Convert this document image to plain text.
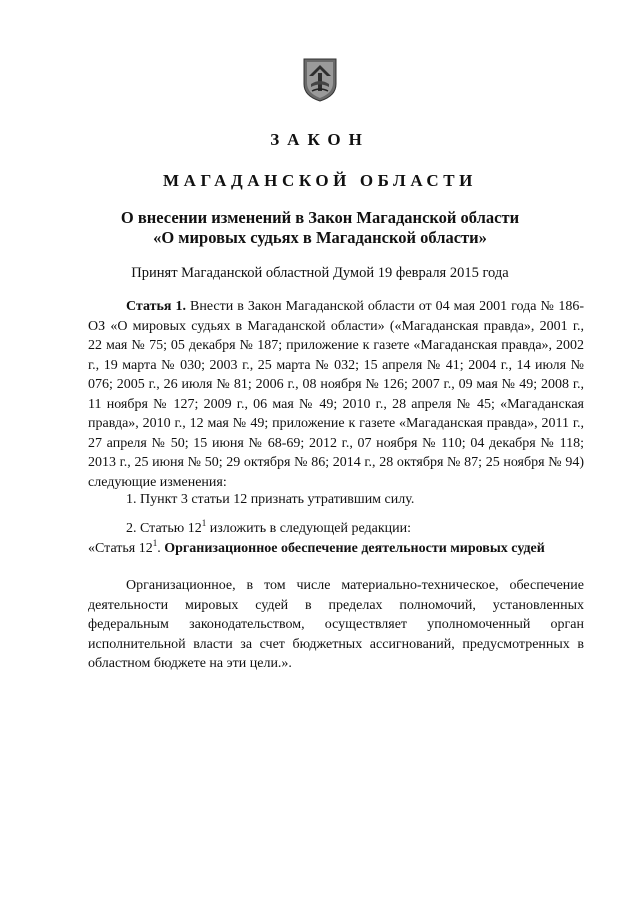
ЗАКОН
МАГАДАНСКОЙ ОБЛАСТИ
О внесении изменений в Закон Магаданской области
«О мировых судьях в Магаданской области»
Принят Магаданской областной Думой 19 февраля 2015 года
Статья 1. Внести в Закон Магаданской области от 04 мая 2001 года № 186-ОЗ «О мировых судьях в Магаданской области» («Магаданская правда», 2001 г., 22 мая № 75; 05 декабря № 187; приложение к газете «Магаданская правда», 2002 г., 19 марта № 030; 2003 г., 25 марта № 032; 15 апреля № 41; 2004 г., 14 июля № 076; 2005 г., 26 июля № 81; 2006 г., 08 ноября № 126; 2007 г., 09 мая № 49; 2008 г., 11 ноября № 127; 2009 г., 06 мая № 49; 2010 г., 28 апреля № 45; «Магаданская правда», 2010 г., 12 мая № 49; приложение к газете «Магаданская правда», 2011 г., 27 апреля № 50; 15 июня № 68-69; 2012 г., 07 ноября № 110; 04 декабря № 118; 2013 г., 25 июня № 50; 29 октября № 86; 2014 г., 28 октября № 87; 25 ноября № 94) следующие изменения:
1. Пункт 3 статьи 12 признать утратившим силу.
2. Статью $12^1$ изложить в следующей редакции:
«Статья $12^1$. Организационное обеспечение деятельности мировых судей
Организационное, в том числе материально-техническое, обеспечение деятельности мировых судей в пределах полномочий, установленных федеральным законодательством, осуществляет уполномоченный орган исполнительной власти за счет бюджетных ассигнований, предусмотренных в областном бюджете на эти цели.».
